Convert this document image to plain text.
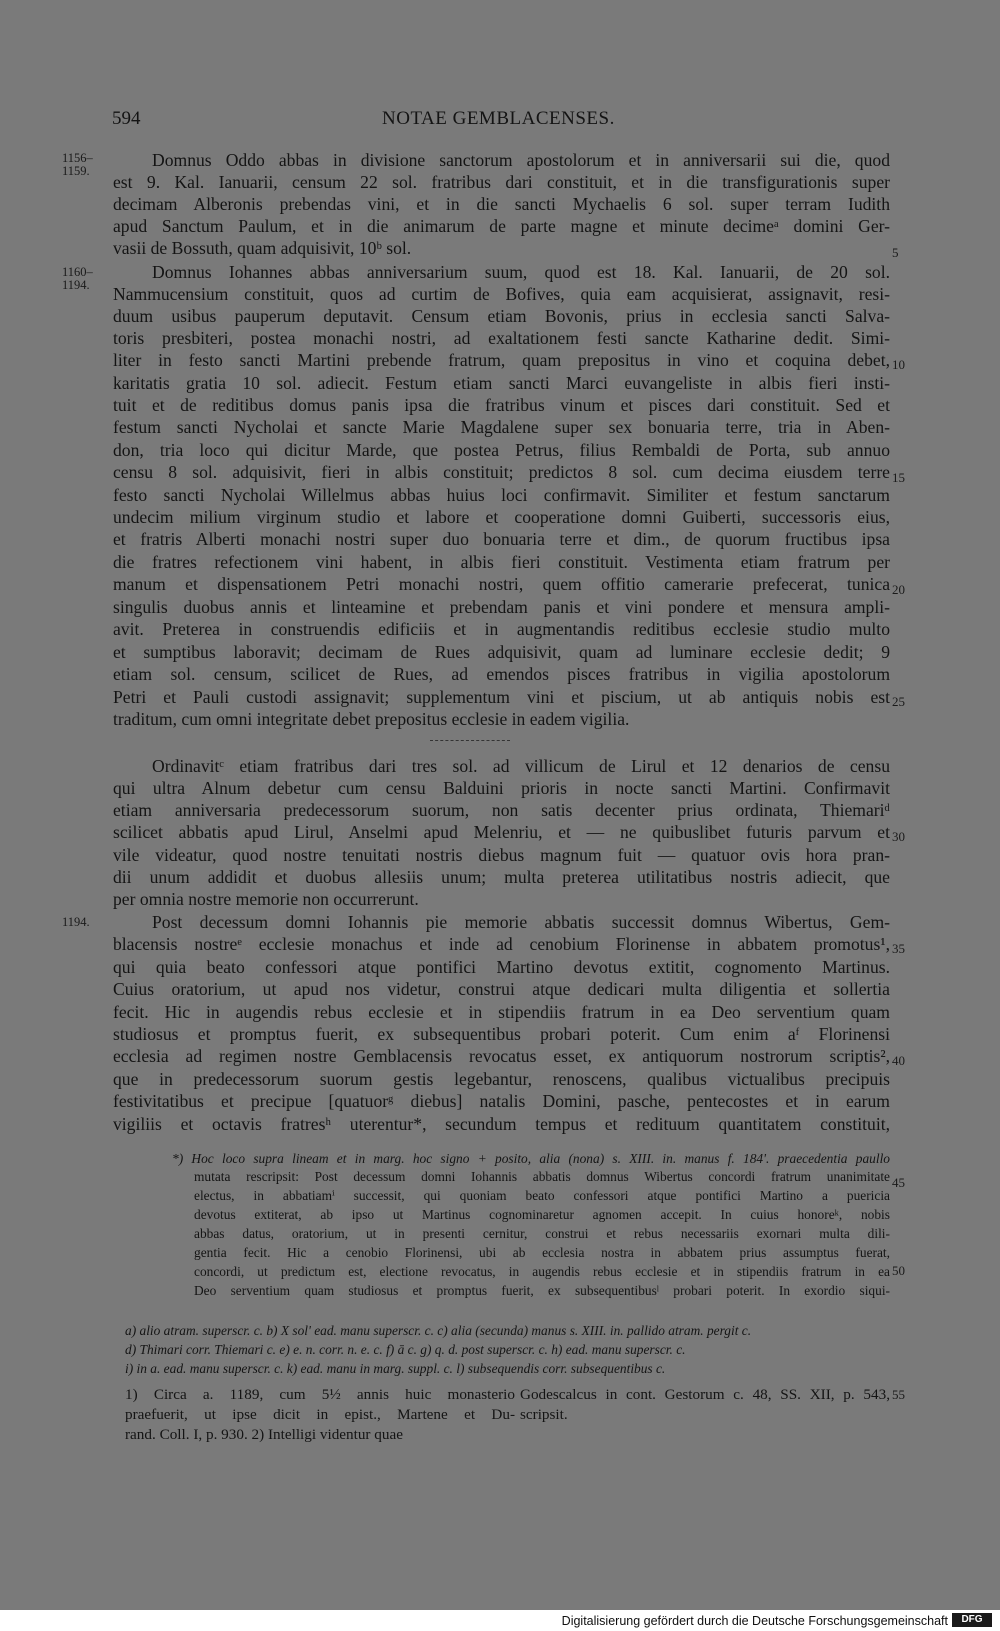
594	NOTAE GEMBLACENSES.
1156–
1159.
1160–
1194.
1194.
5
10
15
20
25
30
35
40
45
50
55
Domnus Oddo abbas in divisione sanctorum apostolorum et in anniversarii sui die, quod
est 9. Kal. Ianuarii, censum 22 sol. fratribus dari constituit, et in die transfigurationis super
decimam Alberonis prebendas vini, et in die sancti Mychaelis 6 sol. super terram Iudith
apud Sanctum Paulum, et in die animarum de parte magne et minute decimeᵃ domini Ger-
vasii de Bossuth, quam adquisivit, 10ᵇ sol.
Domnus Iohannes abbas anniversarium suum, quod est 18. Kal. Ianuarii, de 20 sol.
Nammucensium constituit, quos ad curtim de Bofives, quia eam acquisierat, assignavit, resi-
duum usibus pauperum deputavit. Censum etiam Bovonis, prius in ecclesia sancti Salva-
toris presbiteri, postea monachi nostri, ad exaltationem festi sancte Katharine dedit. Simi-
liter in festo sancti Martini prebende fratrum, quam prepositus in vino et coquina debet,
karitatis gratia 10 sol. adiecit. Festum etiam sancti Marci euvangeliste in albis fieri insti-
tuit et de reditibus domus panis ipsa die fratribus vinum et pisces dari constituit. Sed et
festum sancti Nycholai et sancte Marie Magdalene super sex bonuaria terre, tria in Aben-
don, tria loco qui dicitur Marde, que postea Petrus, filius Rembaldi de Porta, sub annuo
censu 8 sol. adquisivit, fieri in albis constituit; predictos 8 sol. cum decima eiusdem terre
festo sancti Nycholai Willelmus abbas huius loci confirmavit. Similiter et festum sanctarum
undecim milium virginum studio et labore et cooperatione domni Guiberti, successoris eius,
et fratris Alberti monachi nostri super duo bonuaria terre et dim., de quorum fructibus ipsa
die fratres refectionem vini habent, in albis fieri constituit. Vestimenta etiam fratrum per
manum et dispensationem Petri monachi nostri, quem offitio camerarie prefecerat, tunica
singulis duobus annis et linteamine et prebendam panis et vini pondere et mensura ampli-
avit. Preterea in construendis edificiis et in augmentandis reditibus ecclesie studio multo
et sumptibus laboravit; decimam de Rues adquisivit, quam ad luminare ecclesie dedit; 9
etiam sol. censum, scilicet de Rues, ad emendos pisces fratribus in vigilia apostolorum
Petri et Pauli custodi assignavit; supplementum vini et piscium, ut ab antiquis nobis est
traditum, cum omni integritate debet prepositus ecclesie in eadem vigilia.
Ordinavitᶜ etiam fratribus dari tres sol. ad villicum de Lirul et 12 denarios de censu
qui ultra Alnum debetur cum censu Balduini prioris in nocte sancti Martini. Confirmavit
etiam anniversaria predecessorum suorum, non satis decenter prius ordinata, Thiemariᵈ
scilicet abbatis apud Lirul, Anselmi apud Melenriu, et — ne quibuslibet futuris parvum et
vile videatur, quod nostre tenuitati nostris diebus magnum fuit — quatuor ovis hora pran-
dii unum addidit et duobus allesiis unum; multa preterea utilitatibus nostris adiecit, que
per omnia nostre memorie non occurrerunt.
Post decessum domni Iohannis pie memorie abbatis successit domnus Wibertus, Gem-
blacensis nostreᵉ ecclesie monachus et inde ad cenobium Florinense in abbatem promotus¹,
qui quia beato confessori atque pontifici Martino devotus extitit, cognomento Martinus.
Cuius oratorium, ut apud nos videtur, construi atque dedicari multa diligentia et sollertia
fecit. Hic in augendis rebus ecclesie et in stipendiis fratrum in ea Deo serventium quam
studiosus et promptus fuerit, ex subsequentibus probari poterit. Cum enim aᶠ Florinensi
ecclesia ad regimen nostre Gemblacensis revocatus esset, ex antiquorum nostrorum scriptis²,
que in predecessorum suorum gestis legebantur, renoscens, qualibus victualibus precipuis
festivitatibus et precipue [quatuorᵍ diebus] natalis Domini, pasche, pentecostes et in earum
vigiliis et octavis fratresʰ uterentur*, secundum tempus et redituum quantitatem constituit,
*) Hoc loco supra lineam et in marg. hoc signo + posito, alia (nona) s. XIII. in. manus f. 184'. praecedentia paullo
mutata rescripsit: Post decessum domni Iohannis abbatis domnus Wibertus concordi fratrum unanimitate
electus, in abbatiamⁱ successit, qui quoniam beato confessori atque pontifici Martino a puericia
devotus extiterat, ab ipso ut Martinus cognominaretur agnomen accepit. In cuius honoreᵏ, nobis
abbas datus, oratorium, ut in presenti cernitur, construi et rebus necessariis exornari multa dili-
gentia fecit. Hic a cenobio Florinensi, ubi ab ecclesia nostra in abbatem prius assumptus fuerat,
concordi, ut predictum est, electione revocatus, in augendis rebus ecclesie et in stipendiis fratrum in ea
Deo serventium quam studiosus et promptus fuerit, ex subsequentibusˡ probari poterit. In exordio siqui-
a) alio atram. superscr. c. b) X sol' ead. manu superscr. c. c) alia (secunda) manus s. XIII. in. pallido atram. pergit c.
d) Thimari corr. Thiemari c. e) e. n. corr. n. e. c. f) ā c. g) q. d. post superscr. c. h) ead. manu superscr. c.
i) in a. ead. manu superscr. c. k) ead. manu in marg. suppl. c. l) subsequendis corr. subsequentibus c.
1) Circa a. 1189, cum 5½ annis huic monasterio
praefuerit, ut ipse dicit in epist., Martene et Du-
rand. Coll. I, p. 930. 2) Intelligi videntur quae
Godescalcus in cont. Gestorum c. 48, SS. XII, p. 543,
scripsit.
Digitalisierung gefördert durch die Deutsche Forschungsgemeinschaft	DFG
